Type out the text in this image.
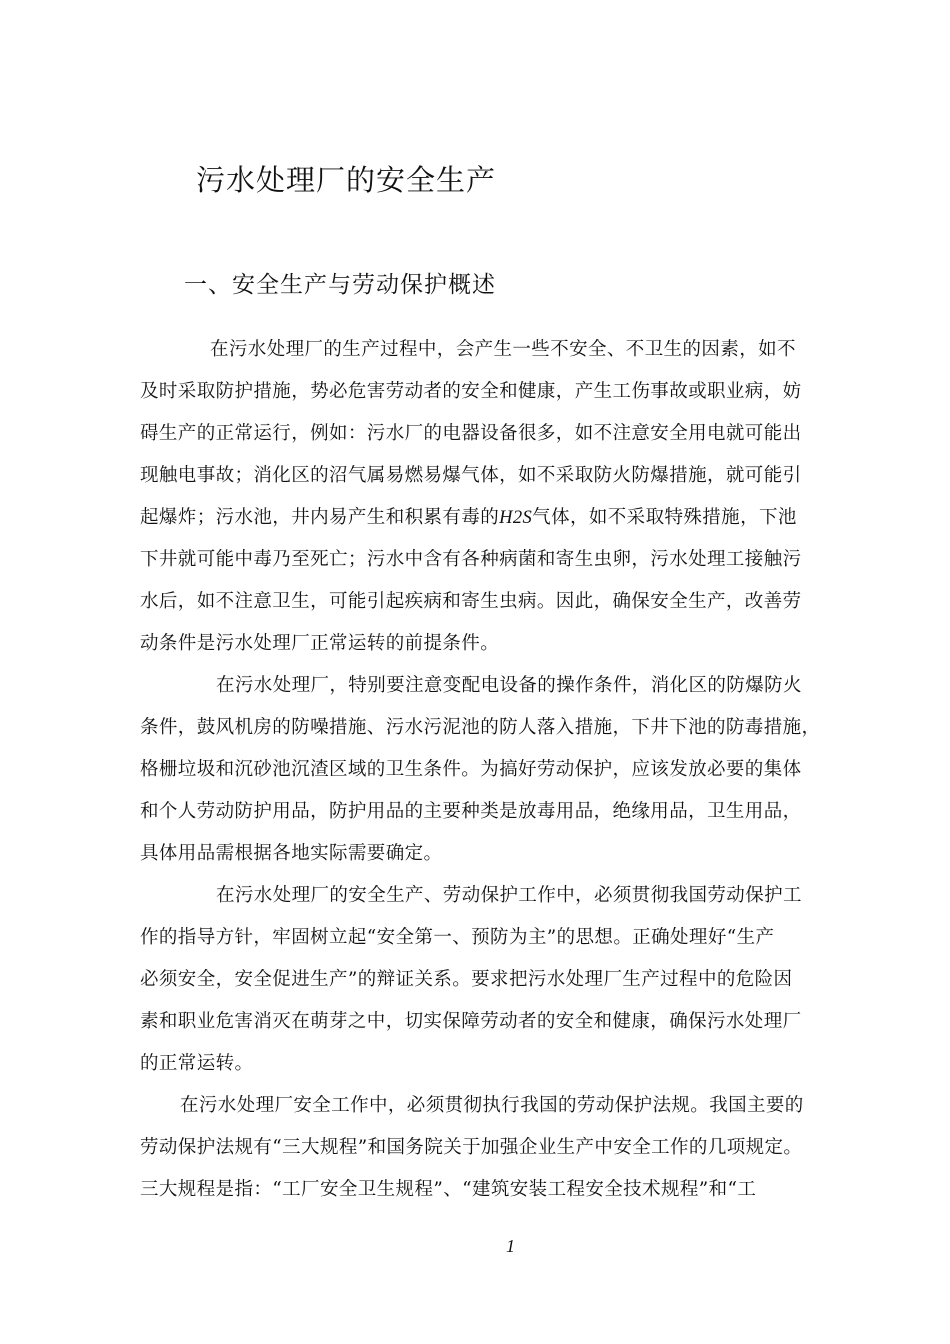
污水处理厂的安全生产
一、安全生产与劳动保护概述
在污水处理厂的生产过程中，会产生一些不安全、不卫生的因素，如不
及时采取防护措施，势必危害劳动者的安全和健康，产生工伤事故或职业病，妨
碍生产的正常运行，例如：污水厂的电器设备很多，如不注意安全用电就可能出
现触电事故；消化区的沼气属易燃易爆气体，如不采取防火防爆措施，就可能引
起爆炸；污水池，井内易产生和积累有毒的H2S气体，如不采取特殊措施，下池
下井就可能中毒乃至死亡；污水中含有各种病菌和寄生虫卵，污水处理工接触污
水后，如不注意卫生，可能引起疾病和寄生虫病。因此，确保安全生产，改善劳
动条件是污水处理厂正常运转的前提条件。
在污水处理厂，特别要注意变配电设备的操作条件，消化区的防爆防火
条件，鼓风机房的防噪措施、污水污泥池的防人落入措施，下井下池的防毒措施，
格栅垃圾和沉砂池沉渣区域的卫生条件。为搞好劳动保护，应该发放必要的集体
和个人劳动防护用品，防护用品的主要种类是放毒用品，绝缘用品，卫生用品，
具体用品需根据各地实际需要确定。
在污水处理厂的安全生产、劳动保护工作中，必须贯彻我国劳动保护工
作的指导方针，牢固树立起“安全第一、预防为主”的思想。正确处理好“生产
必须安全，安全促进生产”的辩证关系。要求把污水处理厂生产过程中的危险因
素和职业危害消灭在萌芽之中，切实保障劳动者的安全和健康，确保污水处理厂
的正常运转。
在污水处理厂安全工作中，必须贯彻执行我国的劳动保护法规。我国主要的
劳动保护法规有“三大规程”和国务院关于加强企业生产中安全工作的几项规定。
三大规程是指：“工厂安全卫生规程”、“建筑安装工程安全技术规程”和“工
1
